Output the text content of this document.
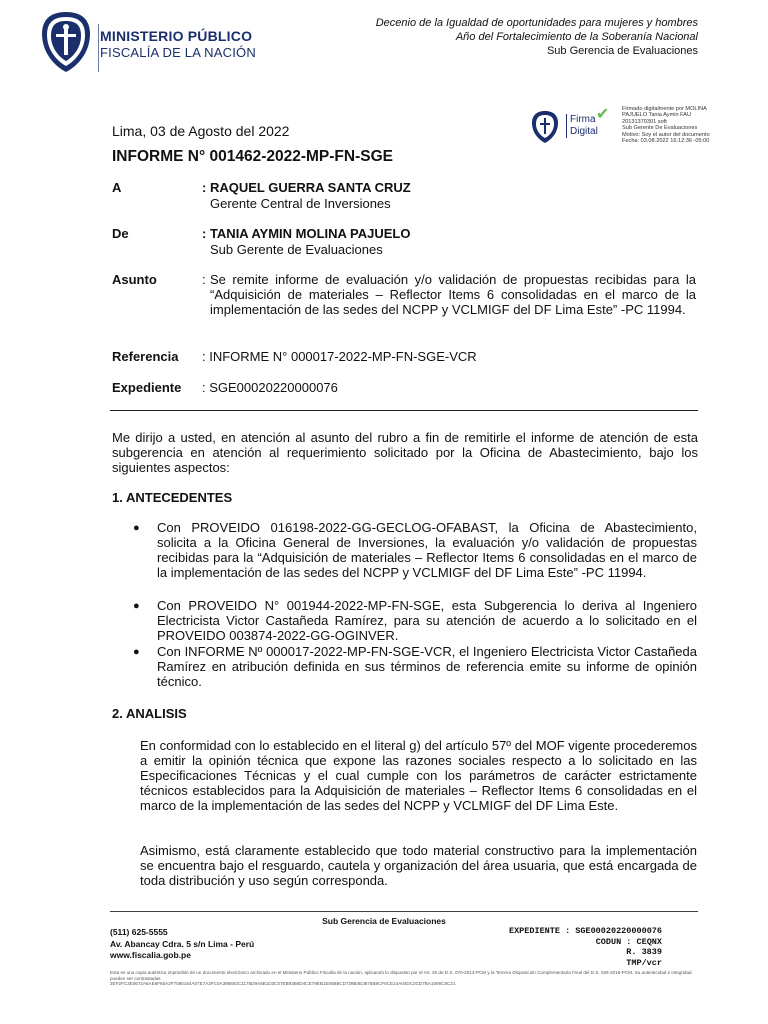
MINISTERIO PÚBLICO
FISCALÍA DE LA NACIÓN
Decenio de la Igualdad de oportunidades para mujeres y hombres
Año del Fortalecimiento de la Soberanía Nacional
Sub Gerencia de Evaluaciones
Firma
Digital
✔ Firmado digitalmente por MOLINA
PAJUELO Tania Aymin FAU
20131370301 soft
Sub Gerente De Evaluaciones
Motivo: Soy el autor del documento
Fecha: 03.08.2022 16:12:36 -05:00
Lima, 03 de Agosto del 2022
INFORME N° 001462-2022-MP-FN-SGE
A	: RAQUEL GUERRA SANTA CRUZ
Gerente Central de Inversiones
De	: TANIA AYMIN MOLINA PAJUELO
Sub Gerente de Evaluaciones
Asunto	: Se remite informe de evaluación y/o validación de propuestas recibidas para la “Adquisición de materiales – Reflector Items 6 consolidadas en el marco de la implementación de las sedes del NCPP y VCLMIGF del DF Lima Este” -PC 11994.
Referencia	: INFORME N° 000017-2022-MP-FN-SGE-VCR
Expediente	: SGE00020220000076
Me dirijo a usted, en atención al asunto del rubro a fin de remitirle el informe de atención de esta subgerencia en atención al requerimiento solicitado por la Oficina de Abastecimiento, bajo los siguientes aspectos:
1. ANTECEDENTES
● Con PROVEIDO 016198-2022-GG-GECLOG-OFABAST, la Oficina de Abastecimiento, solicita a la Oficina General de Inversiones, la evaluación y/o validación de propuestas recibidas para la “Adquisición de materiales – Reflector Items 6 consolidadas en el marco de la implementación de las sedes del NCPP y VCLMIGF del DF Lima Este” -PC 11994.
● Con PROVEIDO N° 001944-2022-MP-FN-SGE, esta Subgerencia lo deriva al Ingeniero Electricista Victor Castañeda Ramírez, para su atención de acuerdo a lo solicitado en el PROVEIDO 003874-2022-GG-OGINVER.
● Con INFORME Nº 000017-2022-MP-FN-SGE-VCR, el Ingeniero Electricista Victor Castañeda Ramírez en atribución definida en sus términos de referencia emite su informe de opinión técnico.
2. ANALISIS
En conformidad con lo establecido en el literal g) del artículo 57º del MOF vigente procederemos a emitir la opinión técnica que expone las razones sociales respecto a lo solicitado en las Especificaciones Técnicas y el cual cumple con los parámetros de carácter estrictamente técnicos establecidos para la Adquisición de materiales – Reflector Items 6 consolidadas en el marco de la implementación de las sedes del NCPP y VCLMIGF del DF Lima Este.
Asimismo, está claramente establecido que todo material constructivo para la implementación se encuentra bajo el resguardo, cautela y organización del área usuaria, que está encargada de toda distribución y uso según corresponda.
Sub Gerencia de Evaluaciones
(511) 625-5555
Av. Abancay Cdra. 5 s/n Lima - Perú
www.fiscalia.gob.pe
EXPEDIENTE : SGE00020220000076
CODUN : CEQNX
R. 3839
TMP/vcr
Esta es una copia auténtica imprimible de un documento electrónico archivado en el Ministerio Público Fiscalía de la nación, aplicando lo dispuesto por el Art. 25 de D.S. 070-2013-PCM y la Tercera Disposición Complementaria Final del D.S. 026-2016-PCM. Su autenticidad e integridad pueden ser contrastadas
2EF2FC3E0672A6AE6F65A2F7085154A07E7A2FC0A395682C1175D9A5B1D3C07EB93B6D4CE79EB1E06B8CD739B4E3875B8CF6CE14A04DC0CD7BA1095C8C21
